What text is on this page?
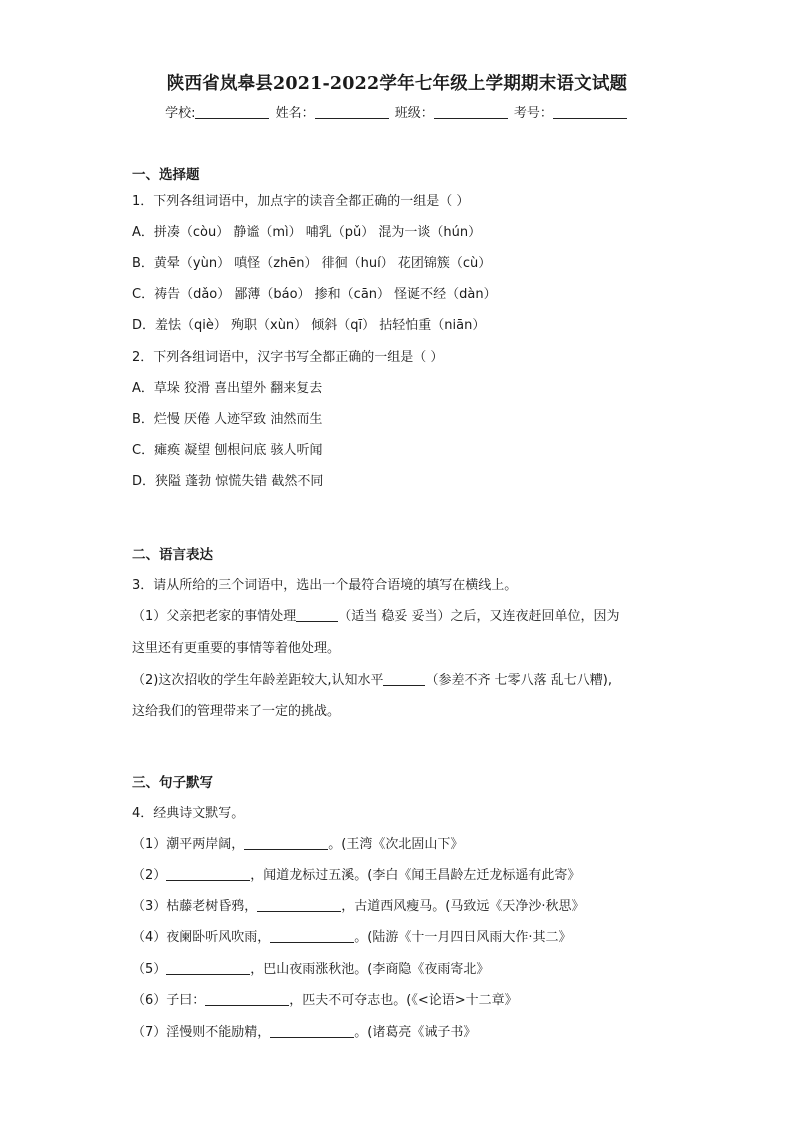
陕西省岚皋县2021-2022学年七年级上学期期末语文试题
学校:	姓名：	班级：	考号：
一、选择题
1．下列各组词语中，加点字的读音全都正确的一组是（ ）
A．拼凑（còu） 静谧（mì） 哺乳（pǔ） 混为一谈（hún）
B．黄晕（yùn） 嗔怪（zhēn） 徘徊（huí） 花团锦簇（cù）
C．祷告（dǎo） 鄙薄（báo） 掺和（cān） 怪诞不经（dàn）
D．羞怯（qiè） 殉职（xùn） 倾斜（qī） 拈轻怕重（niān）
2．下列各组词语中，汉字书写全都正确的一组是（ ）
A．草垛 狡滑 喜出望外 翻来复去
B．烂慢 厌倦 人迹罕致 油然而生
C．瘫痪 凝望 刨根问底 骇人听闻
D．狭隘 蓬勃 惊慌失错 截然不同
二、语言表达
3．请从所给的三个词语中，选出一个最符合语境的填写在横线上。
（1）父亲把老家的事情处理	（适当 稳妥 妥当）之后，又连夜赶回单位，因为
这里还有更重要的事情等着他处理。
（2)这次招收的学生年龄差距较大,认知水平	（参差不齐 七零八落 乱七八糟),
这给我们的管理带来了一定的挑战。
三、句子默写
4．经典诗文默写。
（1）潮平两岸阔，	。(王湾《次北固山下》
（2）	，闻道龙标过五溪。(李白《闻王昌龄左迁龙标遥有此寄》
（3）枯藤老树昏鸦，	，古道西风瘦马。(马致远《天净沙·秋思》
（4）夜阑卧听风吹雨，	。(陆游《十一月四日风雨大作·其二》
（5）	，巴山夜雨涨秋池。(李商隐《夜雨寄北》
（6）子曰：	，匹夫不可夺志也。(《<论语>十二章》
（7）淫慢则不能励精，	。(诸葛亮《诫子书》
